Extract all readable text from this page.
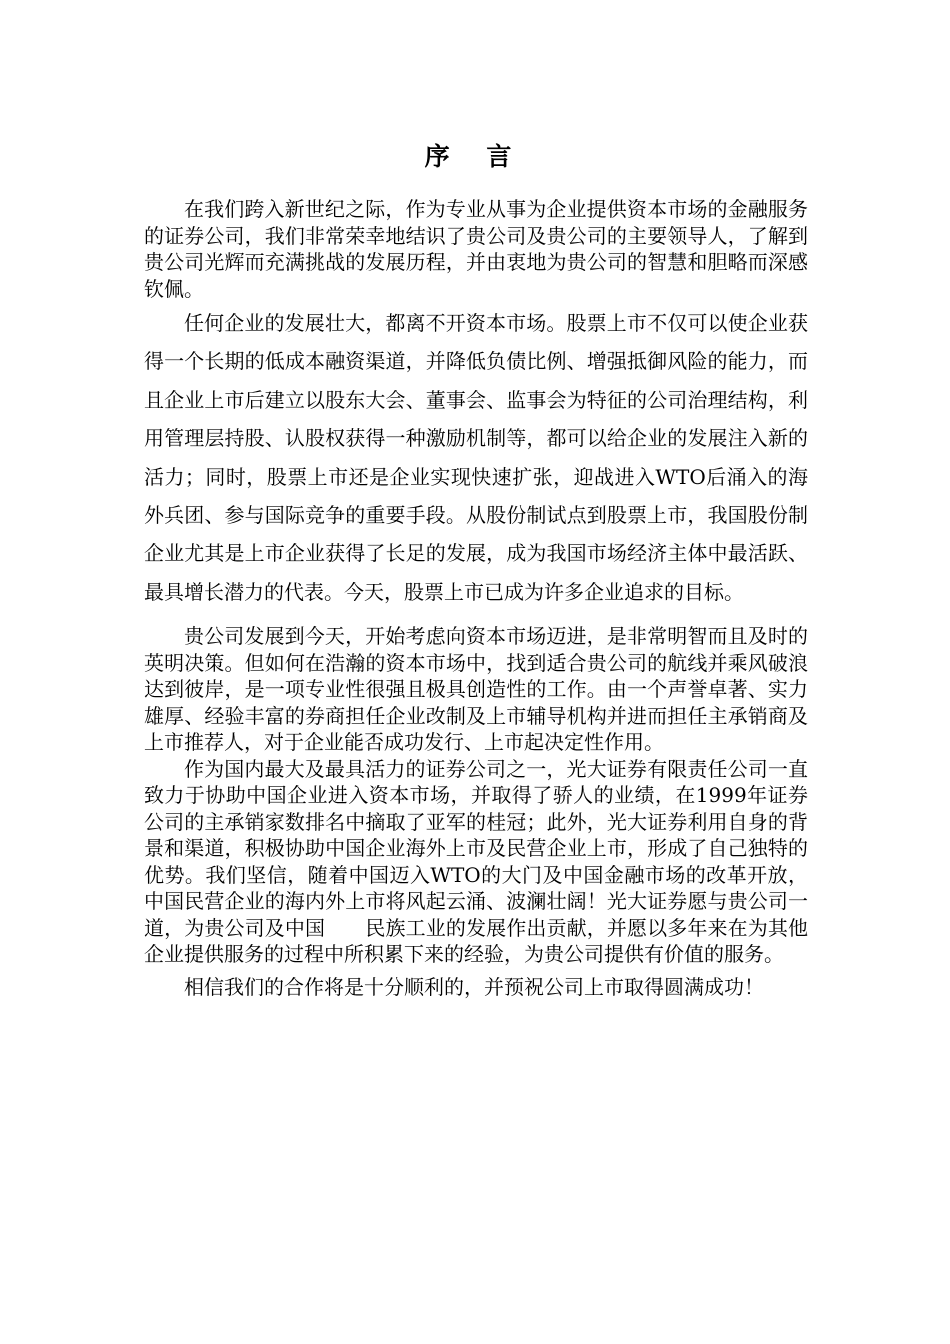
序 言

在我们跨入新世纪之际，作为专业从事为企业提供资本市场的金融服务的证券公司，我们非常荣幸地结识了贵公司及贵公司的主要领导人，了解到贵公司光辉而充满挑战的发展历程，并由衷地为贵公司的智慧和胆略而深感钦佩。

任何企业的发展壮大，都离不开资本市场。股票上市不仅可以使企业获得一个长期的低成本融资渠道，并降低负债比例、增强抵御风险的能力，而且企业上市后建立以股东大会、董事会、监事会为特征的公司治理结构，利用管理层持股、认股权获得一种激励机制等，都可以给企业的发展注入新的活力；同时，股票上市还是企业实现快速扩张，迎战进入WTO后涌入的海外兵团、参与国际竞争的重要手段。从股份制试点到股票上市，我国股份制企业尤其是上市企业获得了长足的发展，成为我国市场经济主体中最活跃、最具增长潜力的代表。今天，股票上市已成为许多企业追求的目标。

贵公司发展到今天，开始考虑向资本市场迈进，是非常明智而且及时的英明决策。但如何在浩瀚的资本市场中，找到适合贵公司的航线并乘风破浪达到彼岸，是一项专业性很强且极具创造性的工作。由一个声誉卓著、实力雄厚、经验丰富的券商担任企业改制及上市辅导机构并进而担任主承销商及上市推荐人，对于企业能否成功发行、上市起决定性作用。

作为国内最大及最具活力的证券公司之一，光大证券有限责任公司一直致力于协助中国企业进入资本市场，并取得了骄人的业绩，在1999年证券公司的主承销家数排名中摘取了亚军的桂冠；此外，光大证券利用自身的背景和渠道，积极协助中国企业海外上市及民营企业上市，形成了自己独特的优势。我们坚信，随着中国迈入WTO的大门及中国金融市场的改革开放，中国民营企业的海内外上市将风起云涌、波澜壮阔！光大证券愿与贵公司一道，为贵公司及中国　　民族工业的发展作出贡献，并愿以多年来在为其他企业提供服务的过程中所积累下来的经验，为贵公司提供有价值的服务。

相信我们的合作将是十分顺利的，并预祝公司上市取得圆满成功！
